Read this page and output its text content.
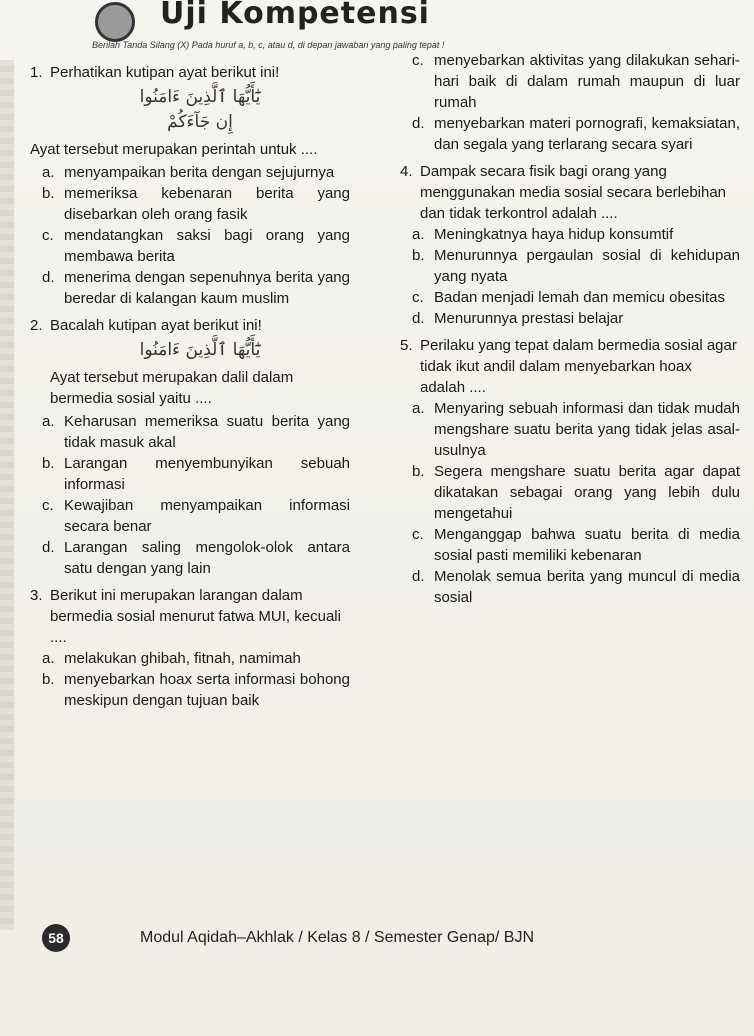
Uji Kompetensi
Berilah Tanda Silang (X) Pada huruf a, b, c, atau d, di depan jawaban yang paling tepat !
1. Perhatikan kutipan ayat berikut ini!
يَٰٓأَيُّهَا ٱلَّذِينَ ءَامَنُوا
إِن جَآءَكُمْ
Ayat tersebut merupakan perintah untuk ....
a. menyampaikan berita dengan sejujurnya
b. memeriksa kebenaran berita yang disebarkan oleh orang fasik
c. mendatangkan saksi bagi orang yang membawa berita
d. menerima dengan sepenuhnya berita yang beredar di kalangan kaum muslim
2. Bacalah kutipan ayat berikut ini!
يَٰٓأَيُّهَا ٱلَّذِينَ ءَامَنُوا
Ayat tersebut merupakan dalil dalam bermedia sosial yaitu ....
a. Keharusan memeriksa suatu berita yang tidak masuk akal
b. Larangan menyembunyikan sebuah informasi
c. Kewajiban menyampaikan informasi secara benar
d. Larangan saling mengolok-olok antara satu dengan yang lain
3. Berikut ini merupakan larangan dalam bermedia sosial menurut fatwa MUI, kecuali ....
a. melakukan ghibah, fitnah, namimah
b. menyebarkan hoax serta informasi bohong meskipun dengan tujuan baik
c. menyebarkan aktivitas yang dilakukan sehari-hari baik di dalam rumah maupun di luar rumah
d. menyebarkan materi pornografi, kemaksiatan, dan segala yang terlarang secara syari
4. Dampak secara fisik bagi orang yang menggunakan media sosial secara berlebihan dan tidak terkontrol adalah ....
a. Meningkatnya haya hidup konsumtif
b. Menurunnya pergaulan sosial di kehidupan yang nyata
c. Badan menjadi lemah dan memicu obesitas
d. Menurunnya prestasi belajar
5. Perilaku yang tepat dalam bermedia sosial agar tidak ikut andil dalam menyebarkan hoax adalah ....
a. Menyaring sebuah informasi dan tidak mudah mengshare suatu berita yang tidak jelas asal-usulnya
b. Segera mengshare suatu berita agar dapat dikatakan sebagai orang yang lebih dulu mengetahui
c. Menganggap bahwa suatu berita di media sosial pasti memiliki kebenaran
d. Menolak semua berita yang muncul di media sosial
58	Modul Aqidah–Akhlak / Kelas 8 / Semester Genap/ BJN
